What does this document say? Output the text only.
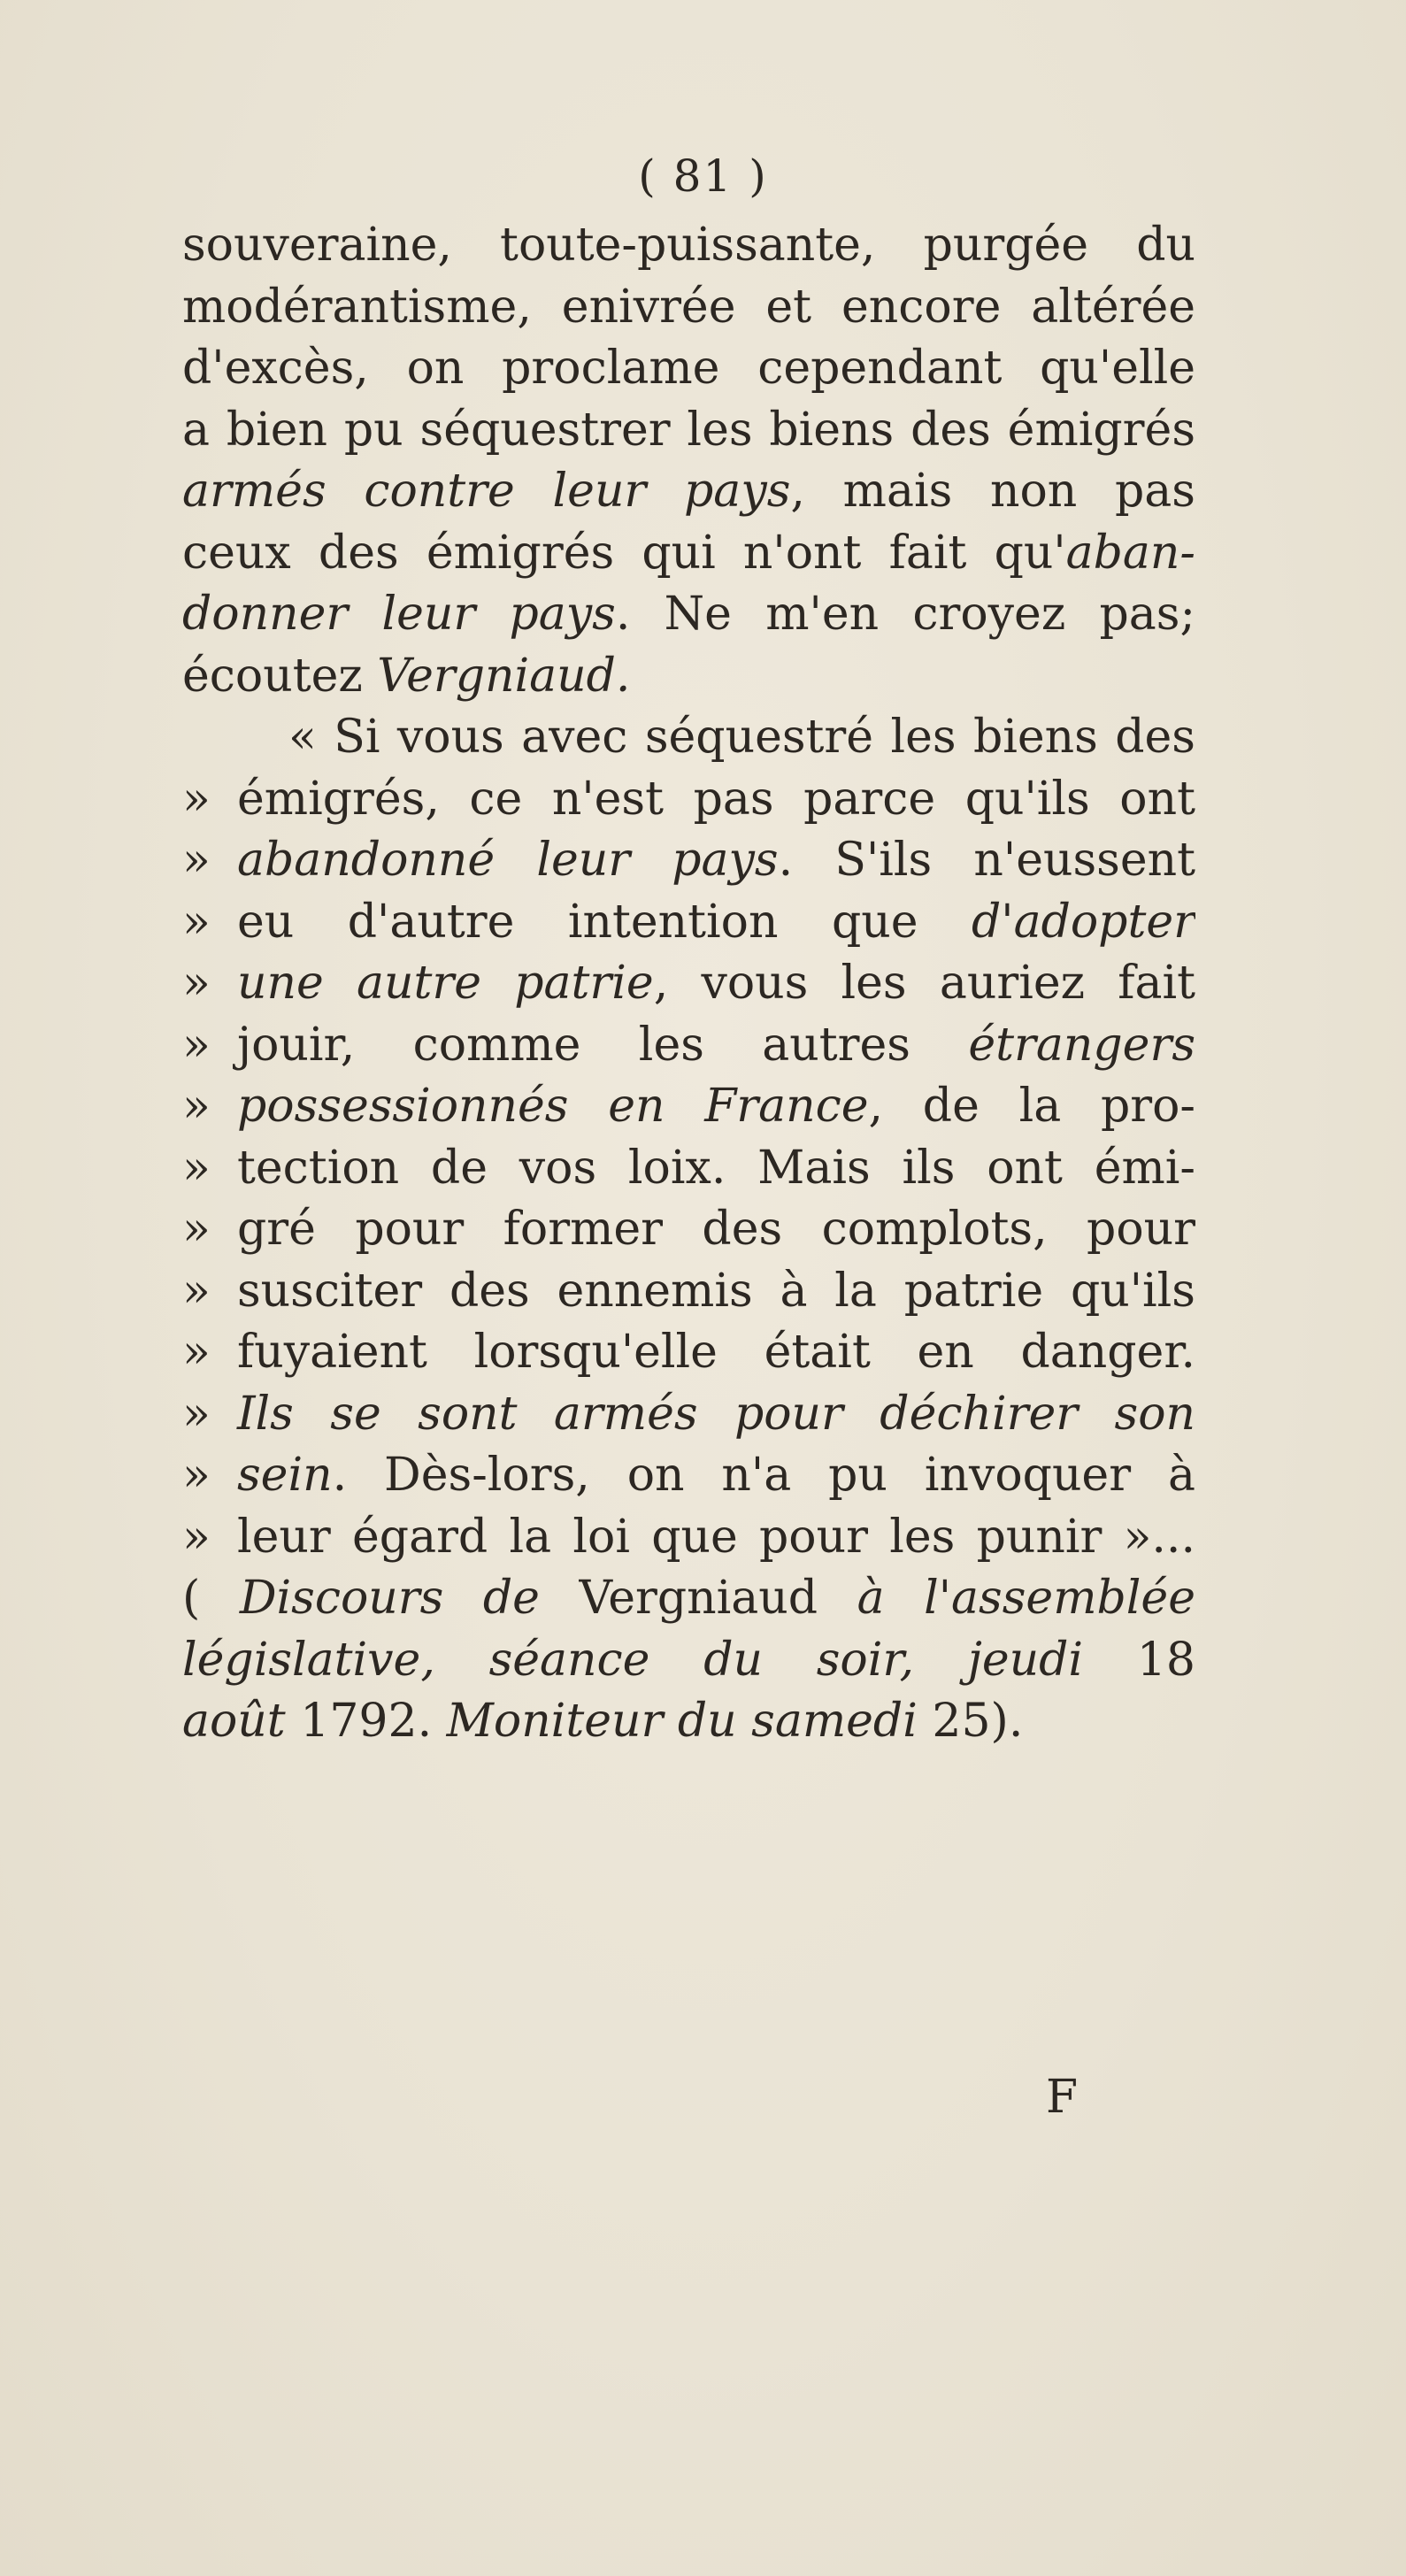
( 81 )
souveraine, toute-puissante, purgée du
modérantisme, enivrée et encore altérée
d'excès, on proclame cependant qu'elle
a bien pu séquestrer les biens des émigrés
armés contre leur pays, mais non pas
ceux des émigrés qui n'ont fait qu'aban-
donner leur pays. Ne m'en croyez pas;
écoutez Vergniaud.
« Si vous avec séquestré les biens des
» émigrés, ce n'est pas parce qu'ils ont
» abandonné leur pays. S'ils n'eussent
» eu d'autre intention que d'adopter
» une autre patrie, vous les auriez fait
» jouir, comme les autres étrangers
» possessionnés en France, de la pro-
» tection de vos loix. Mais ils ont émi-
» gré pour former des complots, pour
» susciter des ennemis à la patrie qu'ils
» fuyaient lorsqu'elle était en danger.
» Ils se sont armés pour déchirer son
» sein. Dès-lors, on n'a pu invoquer à
» leur égard la loi que pour les punir »...
( Discours de Vergniaud à l'assemblée
législative, séance du soir, jeudi 18
août 1792. Moniteur du samedi 25).
F
